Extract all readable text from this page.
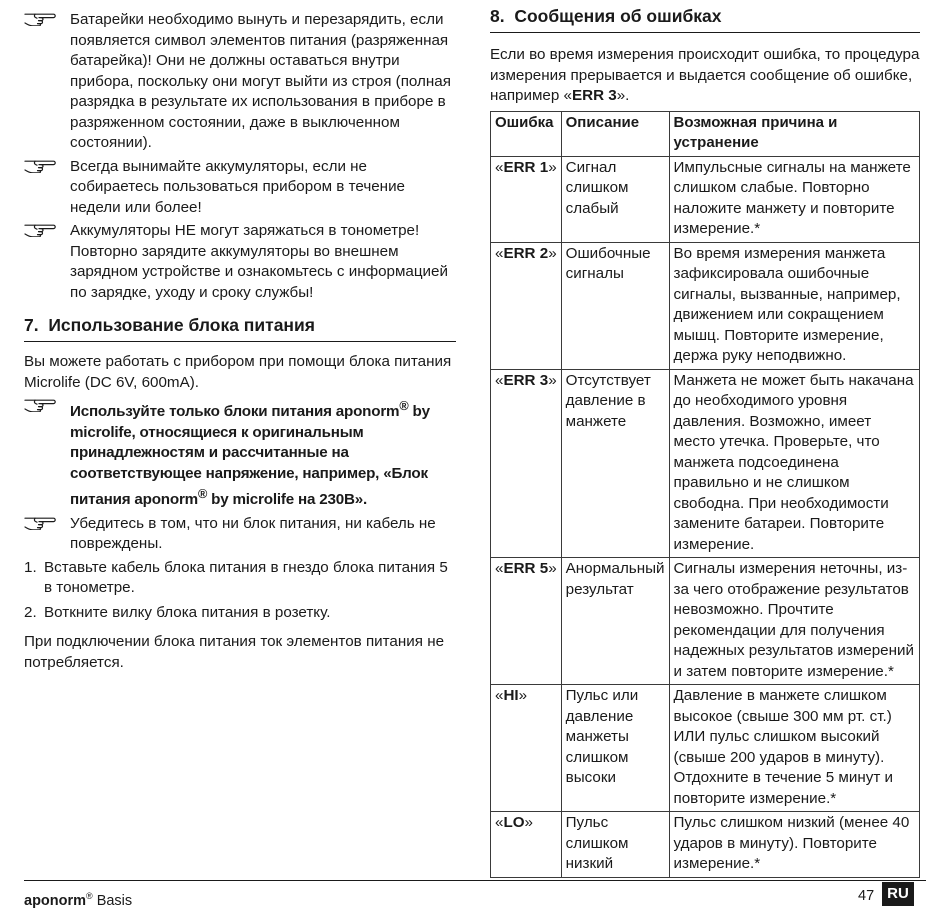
Батарейки необходимо вынуть и перезарядить, если появляется символ элементов питания (разряженная батарейка)! Они не должны оставаться внутри прибора, поскольку они могут выйти из строя (полная разрядка в результате их использования в приборе в разряженном состоянии, даже в выключенном состоянии).
Всегда вынимайте аккумуляторы, если не собираетесь пользоваться прибором в течение недели или более!
Аккумуляторы НЕ могут заряжаться в тонометре! Повторно зарядите аккумуляторы во внешнем зарядном устройстве и ознакомьтесь с информацией по зарядке, уходу и сроку службы!
7. Использование блока питания

Вы можете работать с прибором при помощи блока питания Microlife (DC 6V, 600mA).

Используйте только блоки питания aponorm® by microlife, относящиеся к оригинальным принадлежностям и рассчитанные на соответствующее напряжение, например, «Блок питания aponorm® by microlife на 230В».
Убедитесь в том, что ни блок питания, ни кабель не повреждены.
1. Вставьте кабель блока питания в гнездо блока питания 5 в тонометре.
2. Воткните вилку блока питания в розетку.

При подключении блока питания ток элементов питания не потребляется.

8. Сообщения об ошибках

Если во время измерения происходит ошибка, то процедура измерения прерывается и выдается сообщение об ошибке, например «ERR 3».

Ошибка	Описание	Возможная причина и устранение
«ERR 1»	Сигнал слишком слабый	Импульсные сигналы на манжете слишком слабые. Повторно наложите манжету и повторите измерение.*
«ERR 2»	Ошибочные сигналы	Во время измерения манжета зафиксировала ошибочные сигналы, вызванные, например, движением или сокращением мышц. Повторите измерение, держа руку неподвижно.
«ERR 3»	Отсутствует давление в манжете	Манжета не может быть накачана до необходимого уровня давления. Возможно, имеет место утечка. Проверьте, что манжета подсоединена правильно и не слишком свободна. При необходимости замените батареи. Повторите измерение.
«ERR 5»	Анормальный результат	Сигналы измерения неточны, из-за чего отображение результатов невозможно. Прочтите рекомендации для получения надежных результатов измерений и затем повторите измерение.*
«HI»	Пульс или давление манжеты слишком высоки	Давление в манжете слишком высокое (свыше 300 мм рт. ст.) ИЛИ пульс слишком высокий (свыше 200 ударов в минуту). Отдохните в течение 5 минут и повторите измерение.*
«LO»	Пульс слишком низкий	Пульс слишком низкий (менее 40 ударов в минуту). Повторите измерение.*
aponorm® Basis	47 RU
